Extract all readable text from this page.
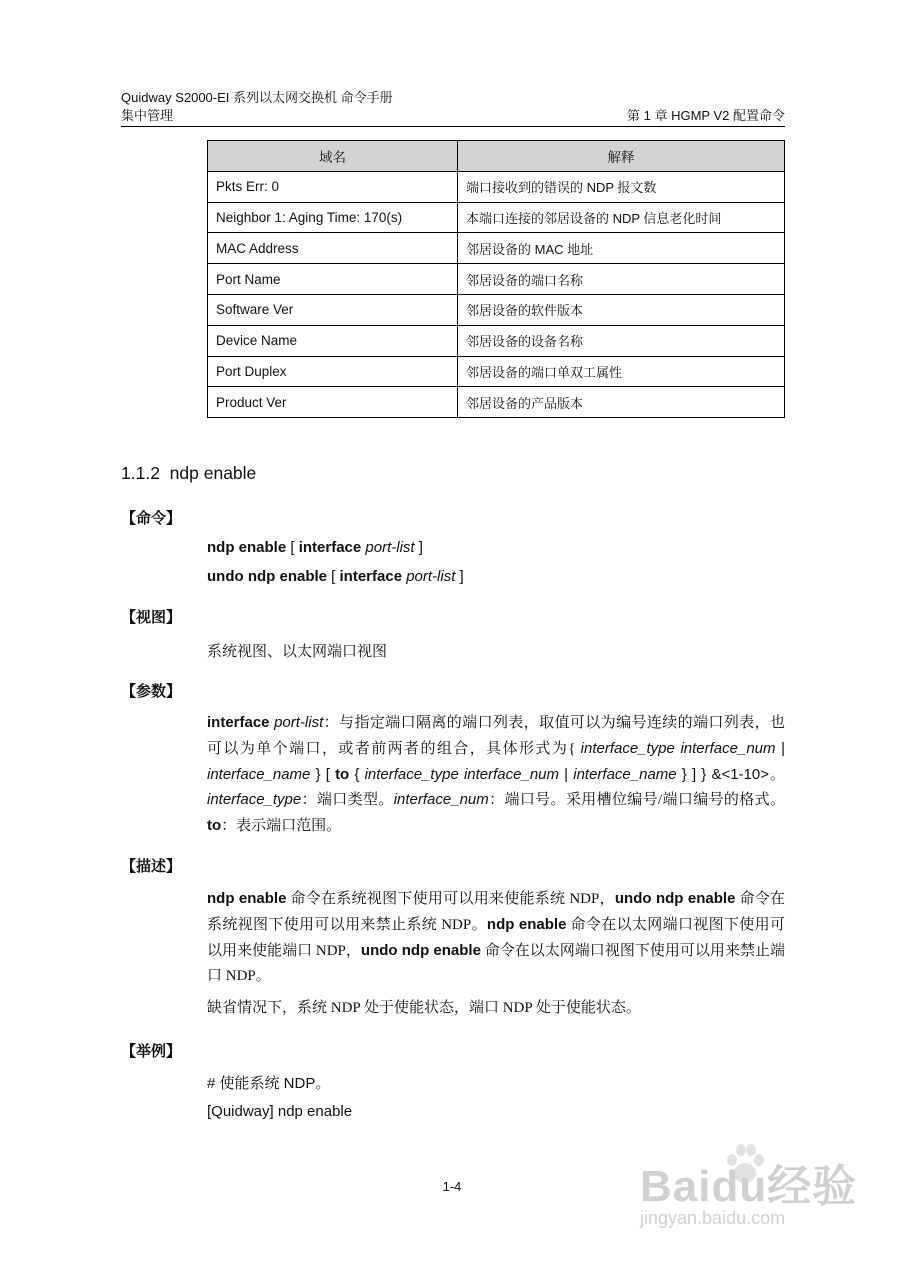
Quidway S2000-EI 系列以太网交换机 命令手册
集中管理	第 1 章 HGMP V2 配置命令
域名	解释
Pkts Err: 0	端口接收到的错误的 NDP 报文数
Neighbor 1: Aging Time: 170(s)	本端口连接的邻居设备的 NDP 信息老化时间
MAC Address	邻居设备的 MAC 地址
Port Name	邻居设备的端口名称
Software Ver	邻居设备的软件版本
Device Name	邻居设备的设备名称
Port Duplex	邻居设备的端口单双工属性
Product Ver	邻居设备的产品版本
1.1.2 ndp enable
【命令】
ndp enable [ interface port-list ]
undo ndp enable [ interface port-list ]
【视图】
系统视图、以太网端口视图
【参数】
interface port-list：与指定端口隔离的端口列表，取值可以为编号连续的端口列表，也可以为单个端口，或者前两者的组合，具体形式为{ interface_type interface_num | interface_name } [ to { interface_type interface_num | interface_name } ] } &<1-10>。interface_type：端口类型。interface_num：端口号。采用槽位编号/端口编号的格式。to：表示端口范围。
【描述】
ndp enable 命令在系统视图下使用可以用来使能系统 NDP，undo ndp enable 命令在系统视图下使用可以用来禁止系统 NDP。ndp enable 命令在以太网端口视图下使用可以用来使能端口 NDP，undo ndp enable 命令在以太网端口视图下使用可以用来禁止端口 NDP。
缺省情况下，系统 NDP 处于使能状态，端口 NDP 处于使能状态。
【举例】
# 使能系统 NDP。
[Quidway] ndp enable
1-4	Baidu经验
jingyan.baidu.com
